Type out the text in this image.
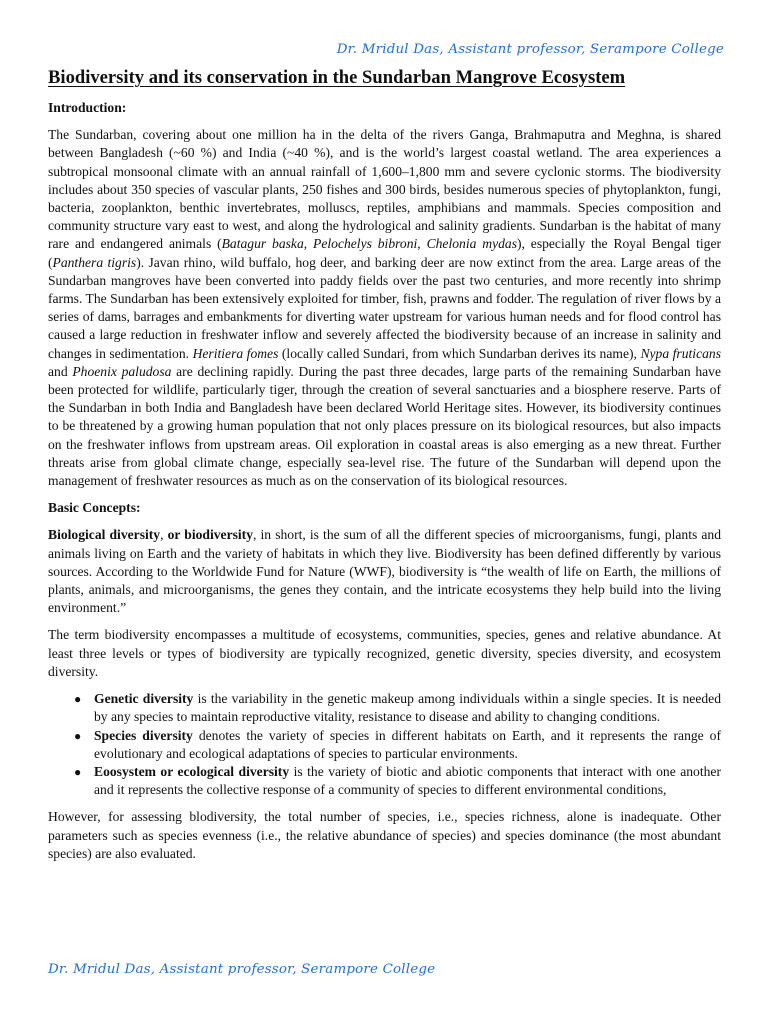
Dr. Mridul Das, Assistant professor, Serampore College
Biodiversity and its conservation in the Sundarban Mangrove Ecosystem
Introduction:

The Sundarban, covering about one million ha in the delta of the rivers Ganga, Brahmaputra and Meghna, is shared between Bangladesh (~60 %) and India (~40 %), and is the world’s largest coastal wetland. The area experiences a subtropical monsoonal climate with an annual rainfall of 1,600–1,800 mm and severe cyclonic storms. The biodiversity includes about 350 species of vascular plants, 250 fishes and 300 birds, besides numerous species of phytoplankton, fungi, bacteria, zooplankton, benthic invertebrates, molluscs, reptiles, amphibians and mammals. Species composition and community structure vary east to west, and along the hydrological and salinity gradients. Sundarban is the habitat of many rare and endangered animals (Batagur baska, Pelochelys bibroni, Chelonia mydas), especially the Royal Bengal tiger (Panthera tigris). Javan rhino, wild buffalo, hog deer, and barking deer are now extinct from the area. Large areas of the Sundarban mangroves have been converted into paddy fields over the past two centuries, and more recently into shrimp farms. The Sundarban has been extensively exploited for timber, fish, prawns and fodder. The regulation of river flows by a series of dams, barrages and embankments for diverting water upstream for various human needs and for flood control has caused a large reduction in freshwater inflow and severely affected the biodiversity because of an increase in salinity and changes in sedimentation. Heritiera fomes (locally called Sundari, from which Sundarban derives its name), Nypa fruticans and Phoenix paludosa are declining rapidly. During the past three decades, large parts of the remaining Sundarban have been protected for wildlife, particularly tiger, through the creation of several sanctuaries and a biosphere reserve. Parts of the Sundarban in both India and Bangladesh have been declared World Heritage sites. However, its biodiversity continues to be threatened by a growing human population that not only places pressure on its biological resources, but also impacts on the freshwater inflows from upstream areas. Oil exploration in coastal areas is also emerging as a new threat. Further threats arise from global climate change, especially sea-level rise. The future of the Sundarban will depend upon the management of freshwater resources as much as on the conservation of its biological resources.

Basic Concepts:

Biological diversity, or biodiversity, in short, is the sum of all the different species of microorganisms, fungi, plants and animals living on Earth and the variety of habitats in which they live. Biodiversity has been defined differently by various sources. According to the Worldwide Fund for Nature (WWF), biodiversity is “the wealth of life on Earth, the millions of plants, animals, and microorganisms, the genes they contain, and the intricate ecosystems they help build into the living environment.”

The term biodiversity encompasses a multitude of ecosystems, communities, species, genes and relative abundance. At least three levels or types of biodiversity are typically recognized, genetic diversity, species diversity, and ecosystem diversity.

● Genetic diversity is the variability in the genetic makeup among individuals within a single species. It is needed by any species to maintain reproductive vitality, resistance to disease and ability to changing conditions.
● Species diversity denotes the variety of species in different habitats on Earth, and it represents the range of evolutionary and ecological adaptations of species to particular environments.
● Eoosystem or ecological diversity is the variety of biotic and abiotic components that interact with one another and it represents the collective response of a community of species to different environmental conditions,

However, for assessing blodiversity, the total number of species, i.e., species richness, alone is inadequate. Other parameters such as species evenness (i.e., the relative abundance of species) and species dominance (the most abundant species) are also evaluated.

Dr. Mridul Das, Assistant professor, Serampore College
